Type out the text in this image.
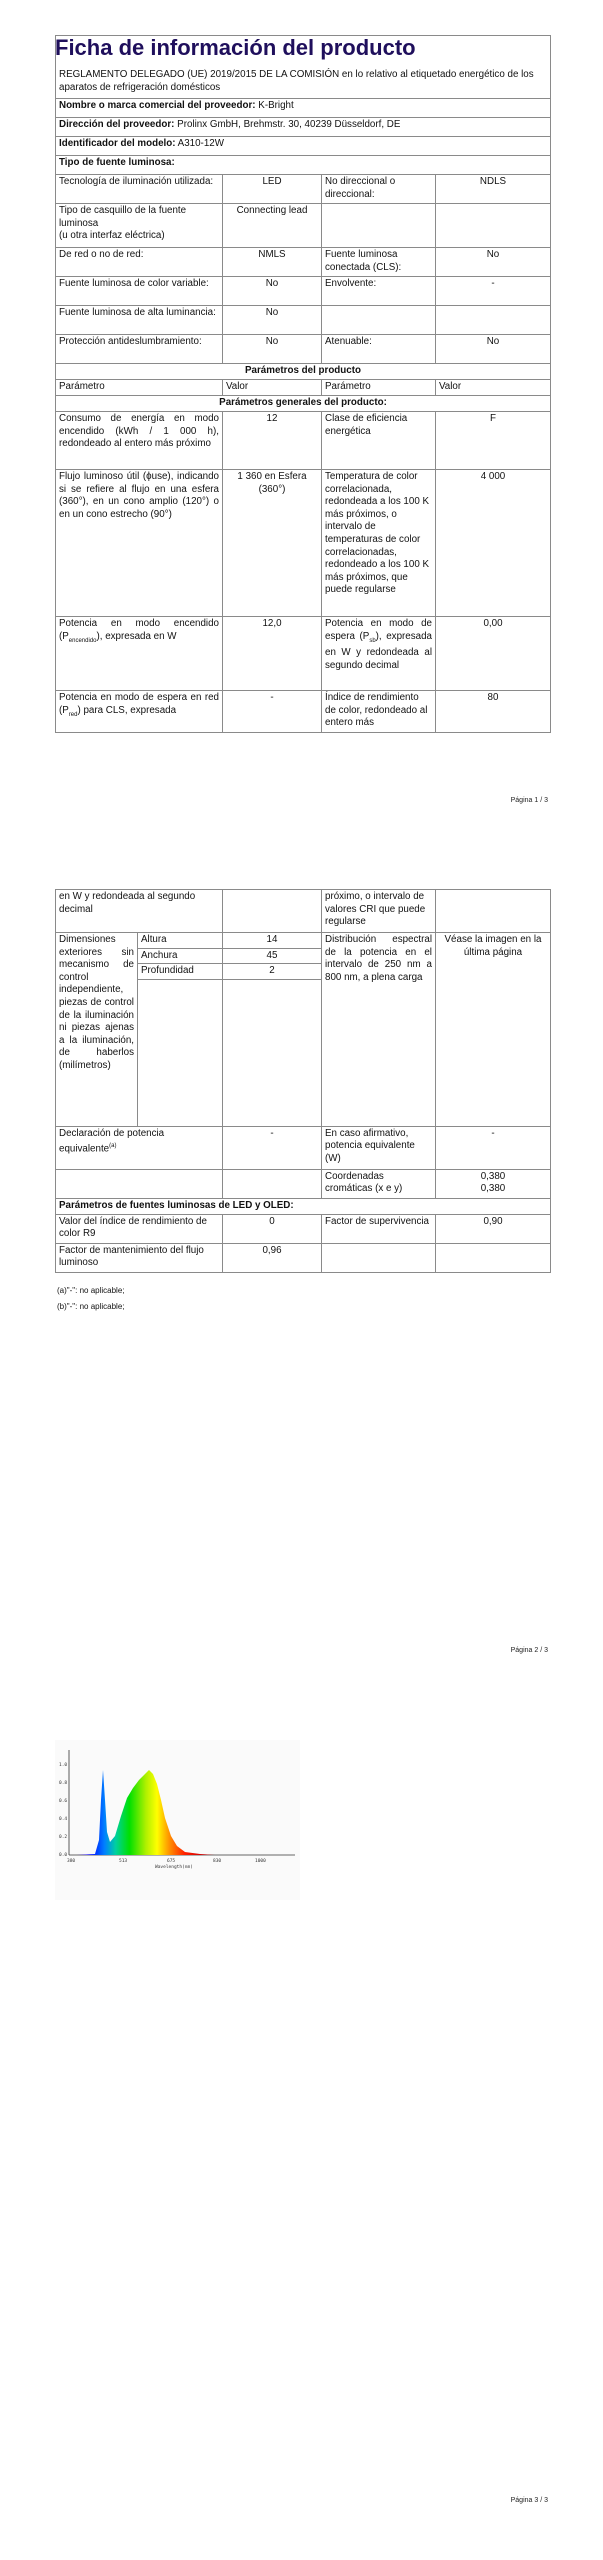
Ficha de información del producto

REGLAMENTO DELEGADO (UE) 2019/2015 DE LA COMISIÓN en lo relativo al etiquetado energético de los aparatos de refrigeración domésticos			
Nombre o marca comercial del proveedor: K-Bright			
Dirección del proveedor: Prolinx GmbH, Brehmstr. 30, 40239 Düsseldorf, DE			
Identificador del modelo: A310-12W			
Tipo de fuente luminosa:			
Tecnología de iluminación utilizada:	LED	No direccional o direccional:	NDLS

Tipo de casquillo de la fuente luminosa
(u otra interfaz eléctrica)	Connecting lead		
De red o no de red:	NMLS	Fuente luminosa conectada (CLS):	No
Fuente luminosa de color variable:	No	Envolvente:	-
Fuente luminosa de alta luminancia:	No		
Protección antideslumbramiento:	No	Atenuable:	No
Parámetros del producto			
Parámetro	Valor	Parámetro	Valor
Parámetros generales del producto:			
Consumo de energía en modo encendido (kWh / 1 000 h), redondeado al entero más próximo	12	Clase de eficiencia energética	F
Flujo luminoso útil (ϕuse), indicando si se refiere al flujo en una esfera (360°), en un cono amplio (120°) o en un cono estrecho (90°)	1 360 en Esfera (360°)	Temperatura de color correlacionada, redondeada a los 100 K más próximos, o intervalo de temperaturas de color correlacionadas, redondeado a los 100 K más próximos, que puede regularse	4 000
Potencia en modo encendido $(P_{encendido})$, expresada en W	12,0	Potencia en modo de espera $(P_{sb})$, expresada en W y redondeada al segundo decimal	0,00
Potencia en modo de espera en red $(P_{red})$ para CLS, expresada	-	Índice de rendimiento de color, redondeado al entero más	80
Página 1 / 3
en W y redondeada al segundo decimal			próximo, o intervalo de valores CRI que puede regularse	
Dimensiones exteriores sin mecanismo de control independiente, piezas de control de la iluminación ni piezas ajenas a la iluminación, de haberlos (milímetros)	Altura	14	Distribución espectral de la potencia en el intervalo de 250 nm a 800 nm, a plena carga	Véase la imagen en la última página
	Anchura	45		
	Profundidad	2		

Declaración de potencia equivalente$^{(a)}$		-	En caso afirmativo, potencia equivalente (W)	-
			Coordenadas cromáticas (x e y)	0,380
0,380

Parámetros de fuentes luminosas de LED y OLED:				
Valor del índice de rendimiento de color R9		0	Factor de supervivencia	0,90
Factor de mantenimiento del flujo luminoso		0,96		
(a)"-": no aplicable;
(b)"-": no aplicable;
Página 2 / 3
0.0
0.2
0.4
0.6
0.8
1.0
380	513	675	830	1000
Wavelength(nm)
Página 3 / 3
